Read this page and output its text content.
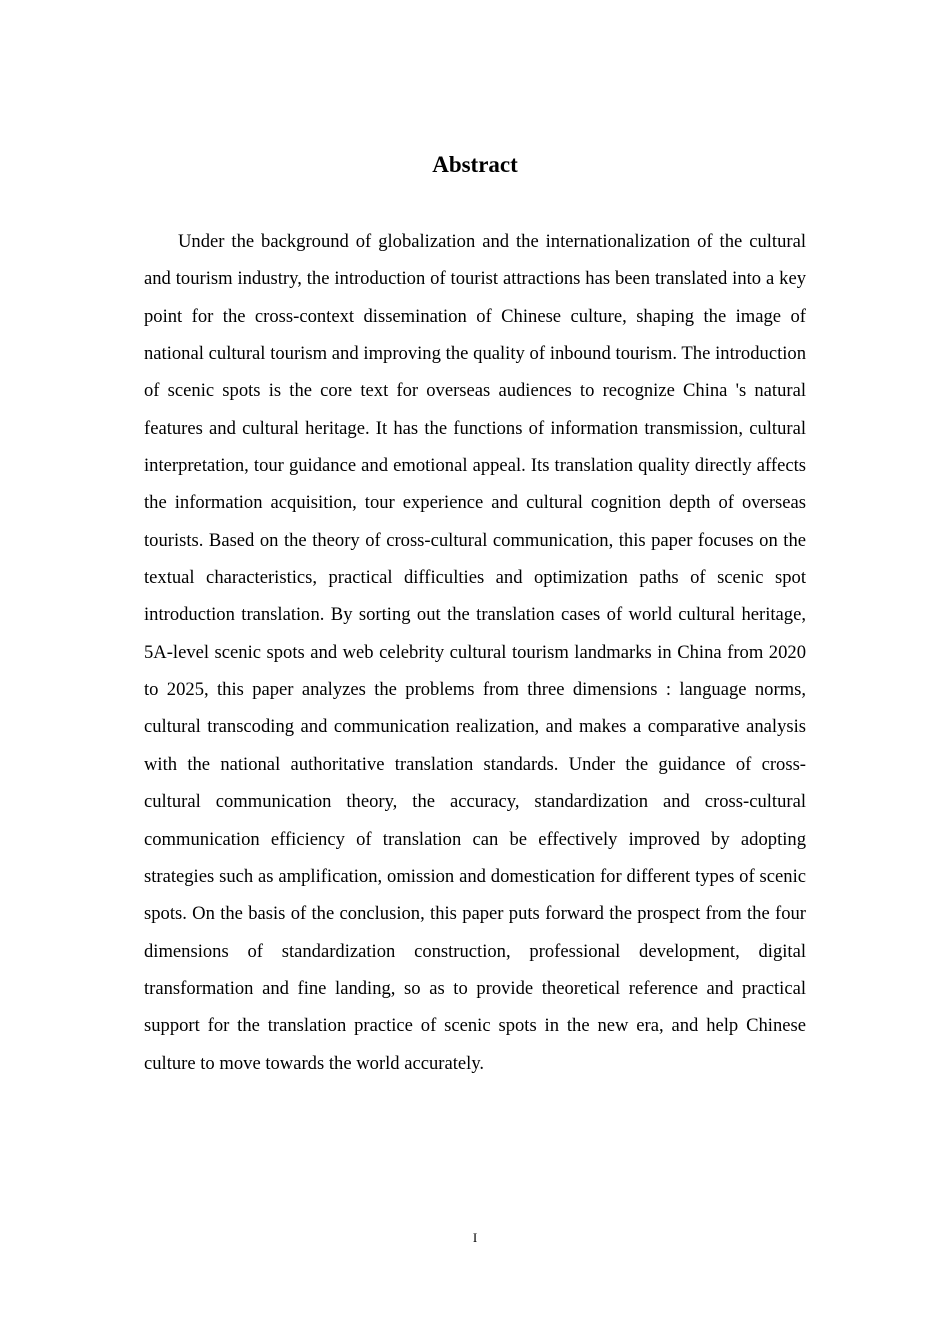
Abstract

Under the background of globalization and the internationalization of the cultural and tourism industry, the introduction of tourist attractions has been translated into a key point for the cross-context dissemination of Chinese culture, shaping the image of national cultural tourism and improving the quality of inbound tourism. The introduction of scenic spots is the core text for overseas audiences to recognize China 's natural features and cultural heritage. It has the functions of information transmission, cultural interpretation, tour guidance and emotional appeal. Its translation quality directly affects the information acquisition, tour experience and cultural cognition depth of overseas tourists. Based on the theory of cross-cultural communication, this paper focuses on the textual characteristics, practical difficulties and optimization paths of scenic spot introduction translation. By sorting out the translation cases of world cultural heritage, 5A-level scenic spots and web celebrity cultural tourism landmarks in China from 2020 to 2025, this paper analyzes the problems from three dimensions : language norms, cultural transcoding and communication realization, and makes a comparative analysis with the national authoritative translation standards. Under the guidance of cross-cultural communication theory, the accuracy, standardization and cross-cultural communication efficiency of translation can be effectively improved by adopting strategies such as amplification, omission and domestication for different types of scenic spots. On the basis of the conclusion, this paper puts forward the prospect from the four dimensions of standardization construction, professional development, digital transformation and fine landing, so as to provide theoretical reference and practical support for the translation practice of scenic spots in the new era, and help Chinese culture to move towards the world accurately.

I
